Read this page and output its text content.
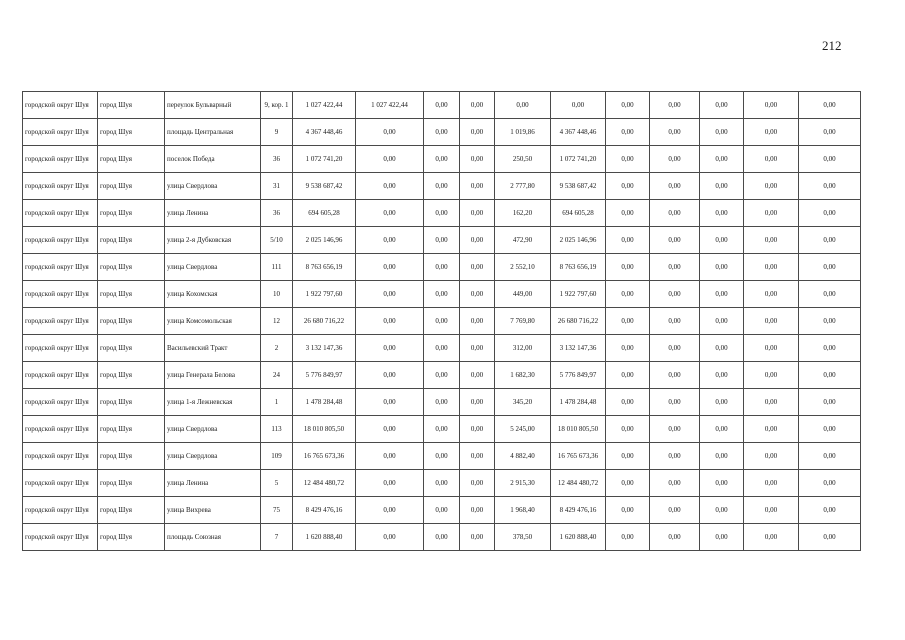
212
городской округ Шуя	город Шуя	переулок Бульварный	9, кор. 1	1 027 422,44	1 027 422,44	0,00	0,00	0,00	0,00	0,00	0,00	0,00	0,00	0,00
городской округ Шуя	город Шуя	площадь Центральная	9	4 367 448,46	0,00	0,00	0,00	1 019,86	4 367 448,46	0,00	0,00	0,00	0,00	0,00
городской округ Шуя	город Шуя	поселок Победа	36	1 072 741,20	0,00	0,00	0,00	250,50	1 072 741,20	0,00	0,00	0,00	0,00	0,00
городской округ Шуя	город Шуя	улица Свердлова	31	9 538 687,42	0,00	0,00	0,00	2 777,80	9 538 687,42	0,00	0,00	0,00	0,00	0,00
городской округ Шуя	город Шуя	улица Ленина	36	694 605,28	0,00	0,00	0,00	162,20	694 605,28	0,00	0,00	0,00	0,00	0,00
городской округ Шуя	город Шуя	улица 2-я Дубковская	5/10	2 025 146,96	0,00	0,00	0,00	472,90	2 025 146,96	0,00	0,00	0,00	0,00	0,00
городской округ Шуя	город Шуя	улица Свердлова	111	8 763 656,19	0,00	0,00	0,00	2 552,10	8 763 656,19	0,00	0,00	0,00	0,00	0,00
городской округ Шуя	город Шуя	улица Кохомская	10	1 922 797,60	0,00	0,00	0,00	449,00	1 922 797,60	0,00	0,00	0,00	0,00	0,00
городской округ Шуя	город Шуя	улица Комсомольская	12	26 680 716,22	0,00	0,00	0,00	7 769,80	26 680 716,22	0,00	0,00	0,00	0,00	0,00
городской округ Шуя	город Шуя	Васильевский Тракт	2	3 132 147,36	0,00	0,00	0,00	312,00	3 132 147,36	0,00	0,00	0,00	0,00	0,00
городской округ Шуя	город Шуя	улица Генерала Белова	24	5 776 849,97	0,00	0,00	0,00	1 682,30	5 776 849,97	0,00	0,00	0,00	0,00	0,00
городской округ Шуя	город Шуя	улица 1-я Лежневская	1	1 478 284,48	0,00	0,00	0,00	345,20	1 478 284,48	0,00	0,00	0,00	0,00	0,00
городской округ Шуя	город Шуя	улица Свердлова	113	18 010 805,50	0,00	0,00	0,00	5 245,00	18 010 805,50	0,00	0,00	0,00	0,00	0,00
городской округ Шуя	город Шуя	улица Свердлова	109	16 765 673,36	0,00	0,00	0,00	4 882,40	16 765 673,36	0,00	0,00	0,00	0,00	0,00
городской округ Шуя	город Шуя	улица Ленина	5	12 484 480,72	0,00	0,00	0,00	2 915,30	12 484 480,72	0,00	0,00	0,00	0,00	0,00
городской округ Шуя	город Шуя	улица Вихрева	75	8 429 476,16	0,00	0,00	0,00	1 968,40	8 429 476,16	0,00	0,00	0,00	0,00	0,00
городской округ Шуя	город Шуя	площадь Союзная	7	1 620 888,40	0,00	0,00	0,00	378,50	1 620 888,40	0,00	0,00	0,00	0,00	0,00
